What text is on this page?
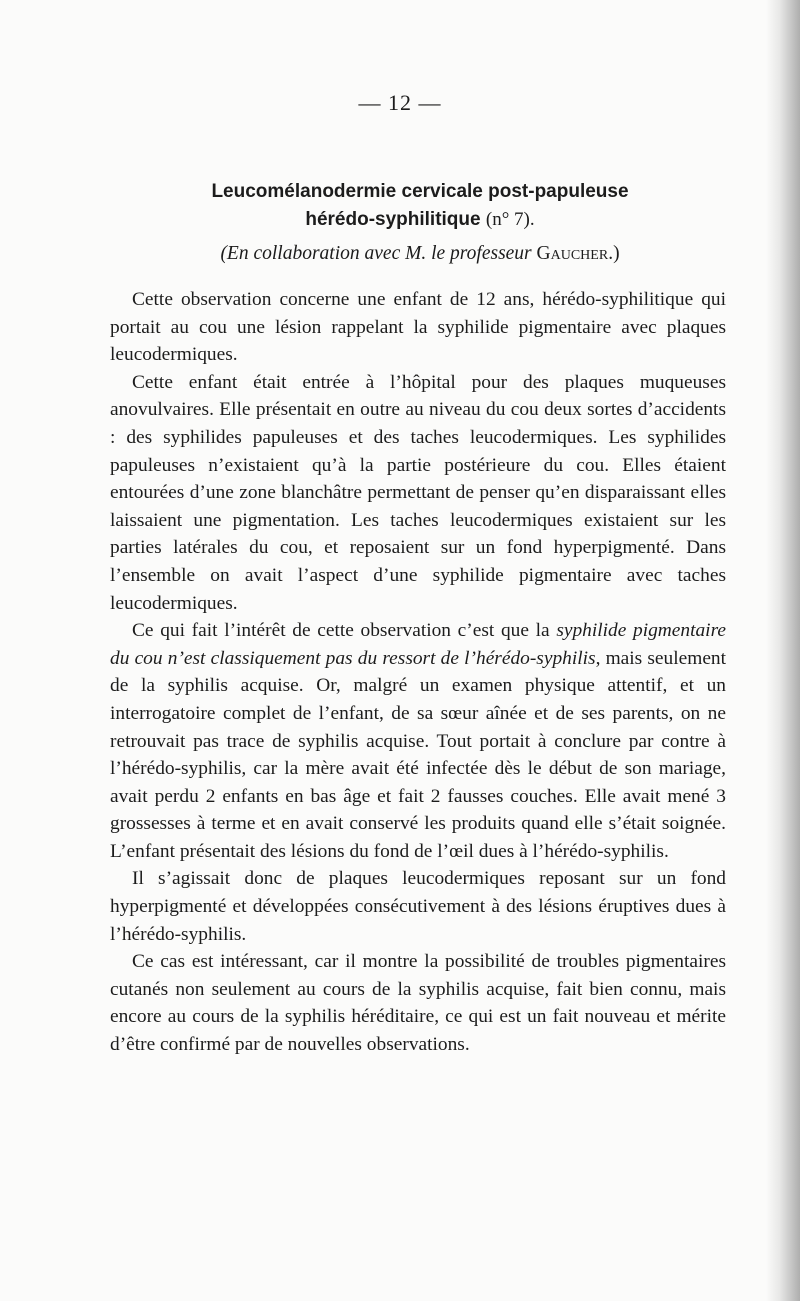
— 12 —
Leucomélanodermie cervicale post-papuleuse
hérédo-syphilitique (n° 7).
(En collaboration avec M. le professeur Gaucher.)

Cette observation concerne une enfant de 12 ans, hérédo-syphilitique qui portait au cou une lésion rappelant la syphilide pigmentaire avec plaques leucodermiques.

Cette enfant était entrée à l’hôpital pour des plaques muqueuses anovulvaires. Elle présentait en outre au niveau du cou deux sortes d’accidents : des syphilides papuleuses et des taches leucodermiques. Les syphilides papuleuses n’existaient qu’à la partie postérieure du cou. Elles étaient entourées d’une zone blanchâtre permettant de penser qu’en disparaissant elles laissaient une pigmentation. Les taches leucodermiques existaient sur les parties latérales du cou, et reposaient sur un fond hyperpigmenté. Dans l’ensemble on avait l’aspect d’une syphilide pigmentaire avec taches leucodermiques.

Ce qui fait l’intérêt de cette observation c’est que la syphilide pigmentaire du cou n’est classiquement pas du ressort de l’hérédo-syphilis, mais seulement de la syphilis acquise. Or, malgré un examen physique attentif, et un interrogatoire complet de l’enfant, de sa sœur aînée et de ses parents, on ne retrouvait pas trace de syphilis acquise. Tout portait à conclure par contre à l’hérédo-syphilis, car la mère avait été infectée dès le début de son mariage, avait perdu 2 enfants en bas âge et fait 2 fausses couches. Elle avait mené 3 grossesses à terme et en avait conservé les produits quand elle s’était soignée. L’enfant présentait des lésions du fond de l’œil dues à l’hérédo-syphilis.

Il s’agissait donc de plaques leucodermiques reposant sur un fond hyperpigmenté et développées consécutivement à des lésions éruptives dues à l’hérédo-syphilis.

Ce cas est intéressant, car il montre la possibilité de troubles pigmentaires cutanés non seulement au cours de la syphilis acquise, fait bien connu, mais encore au cours de la syphilis héréditaire, ce qui est un fait nouveau et mérite d’être confirmé par de nouvelles observations.
